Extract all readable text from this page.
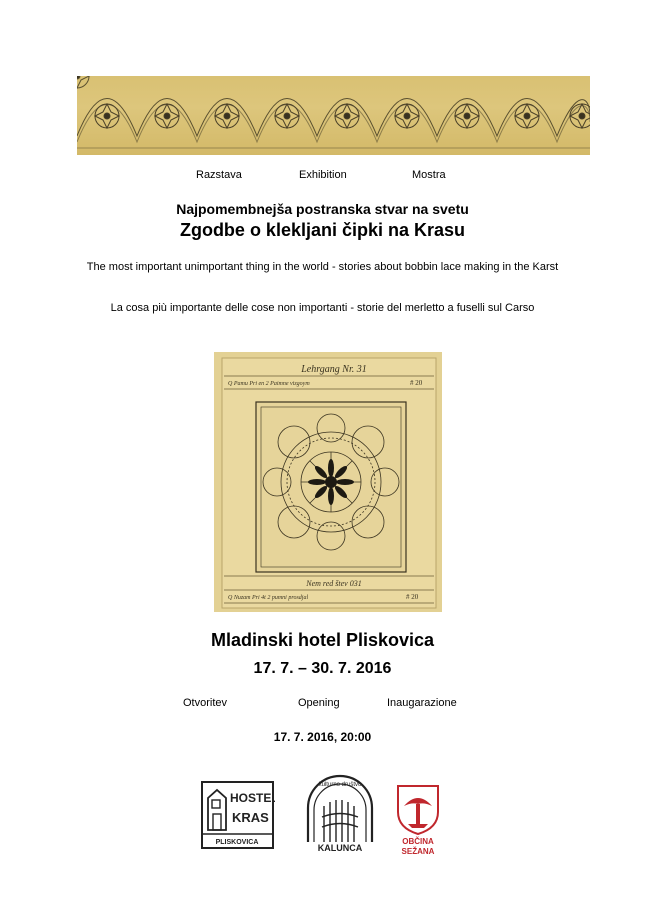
Razstava	Exhibition	Mostra
Najpomembnejša postranska stvar na svetu
Zgodbe o klekljani čipki na Krasu
The most important unimportant thing in the world - stories about bobbin lace making in the Karst
La cosa più importante delle cose non importanti - storie del merletto a fuselli sul Carso
Lehrgang Nr. 31
Q Pamu Pri en 2 Paimne vizgoym	# 20
Nem red štev 031
Q Nuzam Pri 4t 2 pumni prosdjal	# 20
Mladinski hotel Pliskovica
17. 7. – 30. 7. 2016
Otvoritev	Opening	Inaugarazione
17. 7. 2016, 20:00
HOSTEL
KRAS
PLISKOVICA
kulturno društvo
KALUNCA
OBČINA
SEŽANA
